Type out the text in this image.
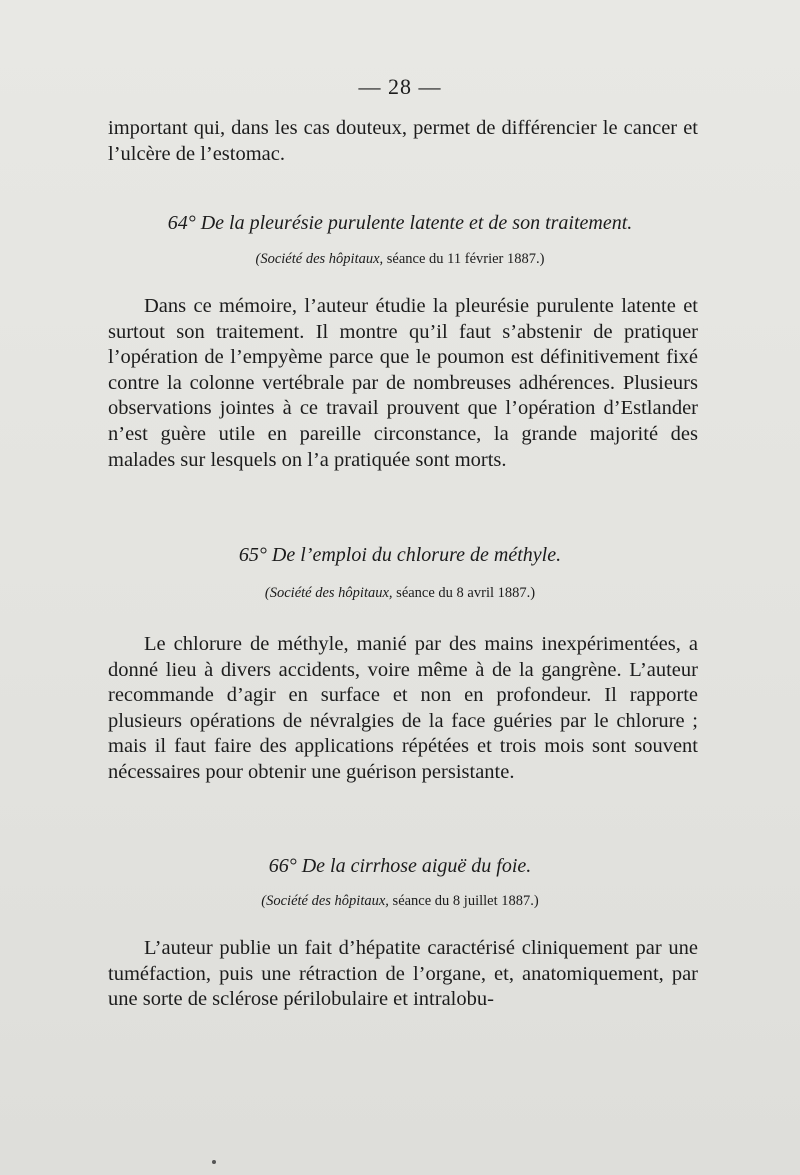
— 28 —

important qui, dans les cas douteux, permet de différencier le cancer et l’ulcère de l’estomac.

64° De la pleurésie purulente latente et de son traitement.
(Société des hôpitaux, séance du 11 février 1887.)

Dans ce mémoire, l’auteur étudie la pleurésie purulente latente et surtout son traitement. Il montre qu’il faut s’abstenir de pratiquer l’opération de l’empyème parce que le poumon est définitivement fixé contre la colonne vertébrale par de nombreuses adhérences. Plusieurs observations jointes à ce travail prouvent que l’opération d’Estlander n’est guère utile en pareille circonstance, la grande majorité des malades sur lesquels on l’a pratiquée sont morts.

65° De l’emploi du chlorure de méthyle.
(Société des hôpitaux, séance du 8 avril 1887.)

Le chlorure de méthyle, manié par des mains inexpérimentées, a donné lieu à divers accidents, voire même à de la gangrène. L’auteur recommande d’agir en surface et non en profondeur. Il rapporte plusieurs opérations de névralgies de la face guéries par le chlorure ; mais il faut faire des applications répétées et trois mois sont souvent nécessaires pour obtenir une guérison persistante.

66° De la cirrhose aiguë du foie.
(Société des hôpitaux, séance du 8 juillet 1887.)

L’auteur publie un fait d’hépatite caractérisé cliniquement par une tuméfaction, puis une rétraction de l’organe, et, anatomiquement, par une sorte de sclérose périlobulaire et intralobu-
